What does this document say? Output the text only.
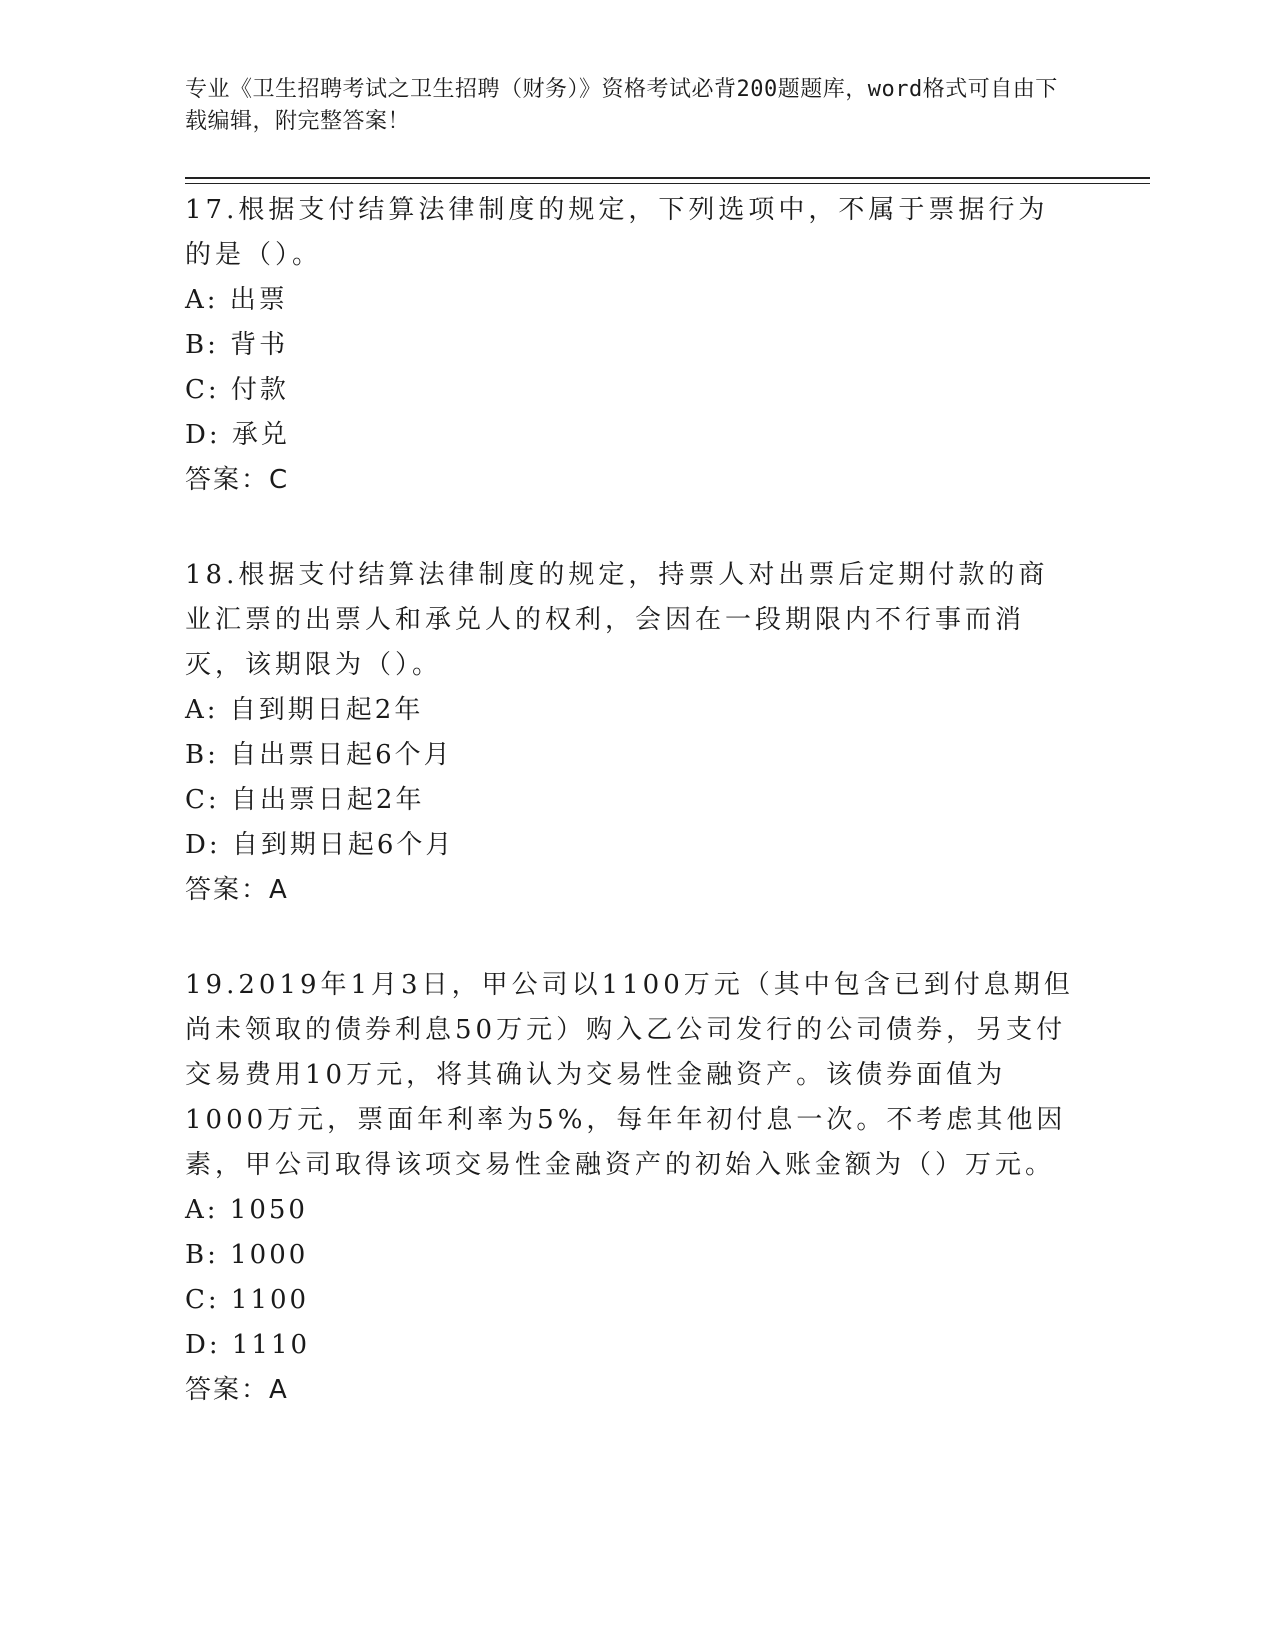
专业《卫生招聘考试之卫生招聘（财务）》资格考试必背200题题库，word格式可自由下载编辑，附完整答案！

17.根据支付结算法律制度的规定，下列选项中，不属于票据行为的是（）。

A: 出票

B: 背书

C: 付款

D: 承兑

答案：C

18.根据支付结算法律制度的规定，持票人对出票后定期付款的商业汇票的出票人和承兑人的权利，会因在一段期限内不行事而消灭，该期限为（）。

A: 自到期日起2年

B: 自出票日起6个月

C: 自出票日起2年

D: 自到期日起6个月

答案：A

19.2019年1月3日，甲公司以1100万元（其中包含已到付息期但尚未领取的债券利息50万元）购入乙公司发行的公司债券，另支付交易费用10万元，将其确认为交易性金融资产。该债券面值为1000万元，票面年利率为5%，每年年初付息一次。不考虑其他因素，甲公司取得该项交易性金融资产的初始入账金额为（）万元。

A: 1050

B: 1000

C: 1100

D: 1110

答案：A
